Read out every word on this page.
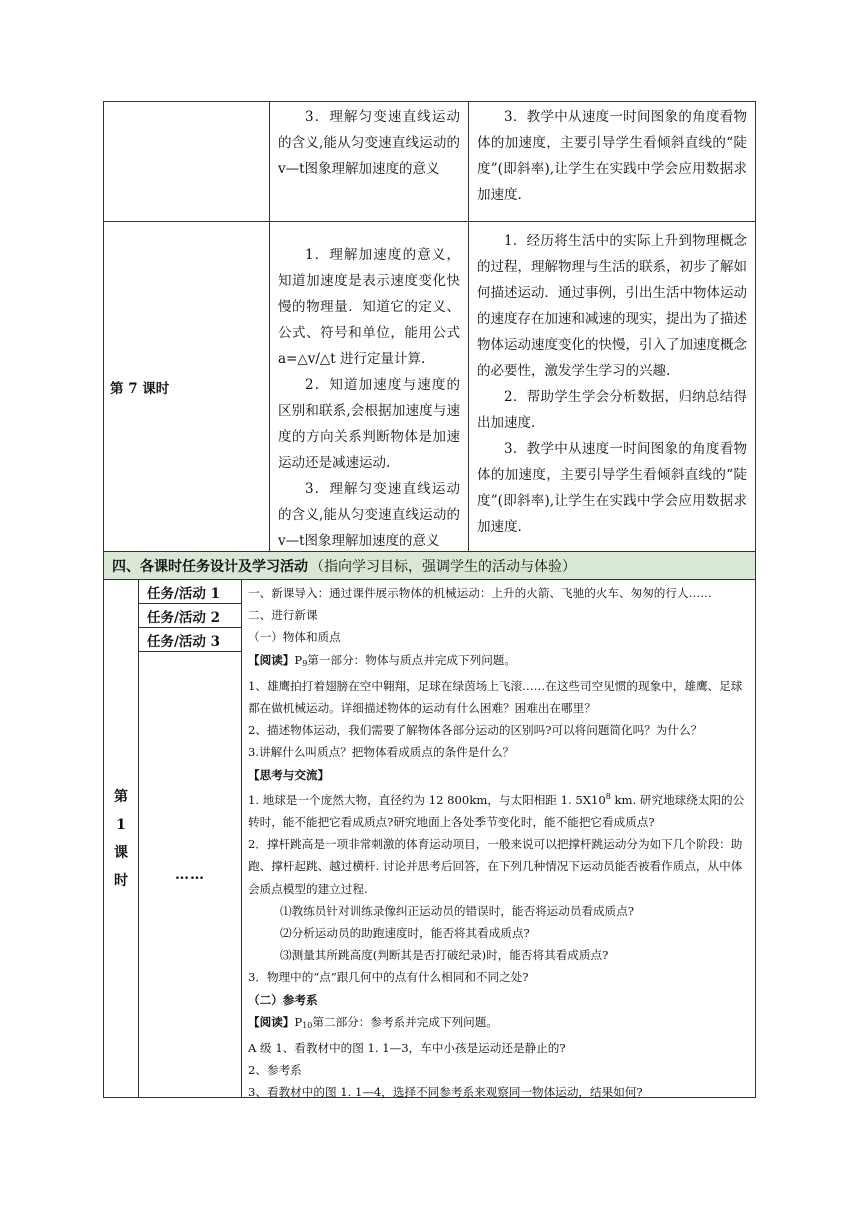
3．理解匀变速直线运动的含义,能从匀变速直线运动的v—t图象理解加速度的意义

3．教学中从速度一时间图象的角度看物体的加速度，主要引导学生看倾斜直线的“陡度”(即斜率),让学生在实践中学会应用数据求加速度.

第 7 课时

1．理解加速度的意义，知道加速度是表示速度变化快慢的物理量．知道它的定义、公式、符号和单位，能用公式 a=△v/△t 进行定量计算.

2．知道加速度与速度的区别和联系,会根据加速度与速度的方向关系判断物体是加速运动还是减速运动.

3．理解匀变速直线运动的含义,能从匀变速直线运动的v—t图象理解加速度的意义

1．经历将生活中的实际上升到物理概念的过程，理解物理与生活的联系，初步了解如何描述运动．通过事例，引出生活中物体运动的速度存在加速和减速的现实，提出为了描述物体运动速度变化的快慢，引入了加速度概念的必要性，激发学生学习的兴趣.

2．帮助学生学会分析数据，归纳总结得出加速度.

3．教学中从速度一时间图象的角度看物体的加速度，主要引导学生看倾斜直线的“陡度”(即斜率),让学生在实践中学会应用数据求加速度.

四、各课时任务设计及学习活动 （指向学习目标，强调学生的活动与体验）
第1课时
任务/活动 1
任务/活动 2
任务/活动 3
……

一、新课导入：通过课件展示物体的机械运动：上升的火箭、飞驰的火车、匆匆的行人……

二、进行新课

（一）物体和质点

【阅读】$P_9$第一部分：物体与质点并完成下列问题。

1、雄鹰拍打着翅膀在空中翱翔，足球在绿茵场上飞滚……在这些司空见惯的现象中，雄鹰、足球都在做机械运动。详细描述物体的运动有什么困难？困难出在哪里？

2、描述物体运动，我们需要了解物体各部分运动的区别吗?可以将问题简化吗？为什么？

3.讲解什么叫质点？把物体看成质点的条件是什么？

【思考与交流】

1. 地球是一个庞然大物，直径约为 12 800km，与太阳相距 1. $5X10^8$ km. 研究地球绕太阳的公转时，能不能把它看成质点?研究地面上各处季节变化时，能不能把它看成质点?

2．撑杆跳高是一项非常刺激的体育运动项目，一般来说可以把撑杆跳运动分为如下几个阶段：助跑、撑杆起跳、越过横杆. 讨论并思考后回答，在下列几种情况下运动员能否被看作质点，从中体会质点模型的建立过程.

⑴教练员针对训练录像纠正运动员的错误时，能否将运动员看成质点?

⑵分析运动员的助跑速度时，能否将其看成质点?

⑶测量其所跳高度(判断其是否打破纪录)时，能否将其看成质点?

3．物理中的“点”跟几何中的点有什么相同和不同之处?

（二）参考系

【阅读】$P_{10}$第二部分：参考系并完成下列问题。

A 级 1、看教材中的图 1. 1—3，车中小孩是运动还是静止的?

2、参考系

3、看教材中的图 1. 1—4，选择不同参考系来观察同一物体运动，结果如何?
